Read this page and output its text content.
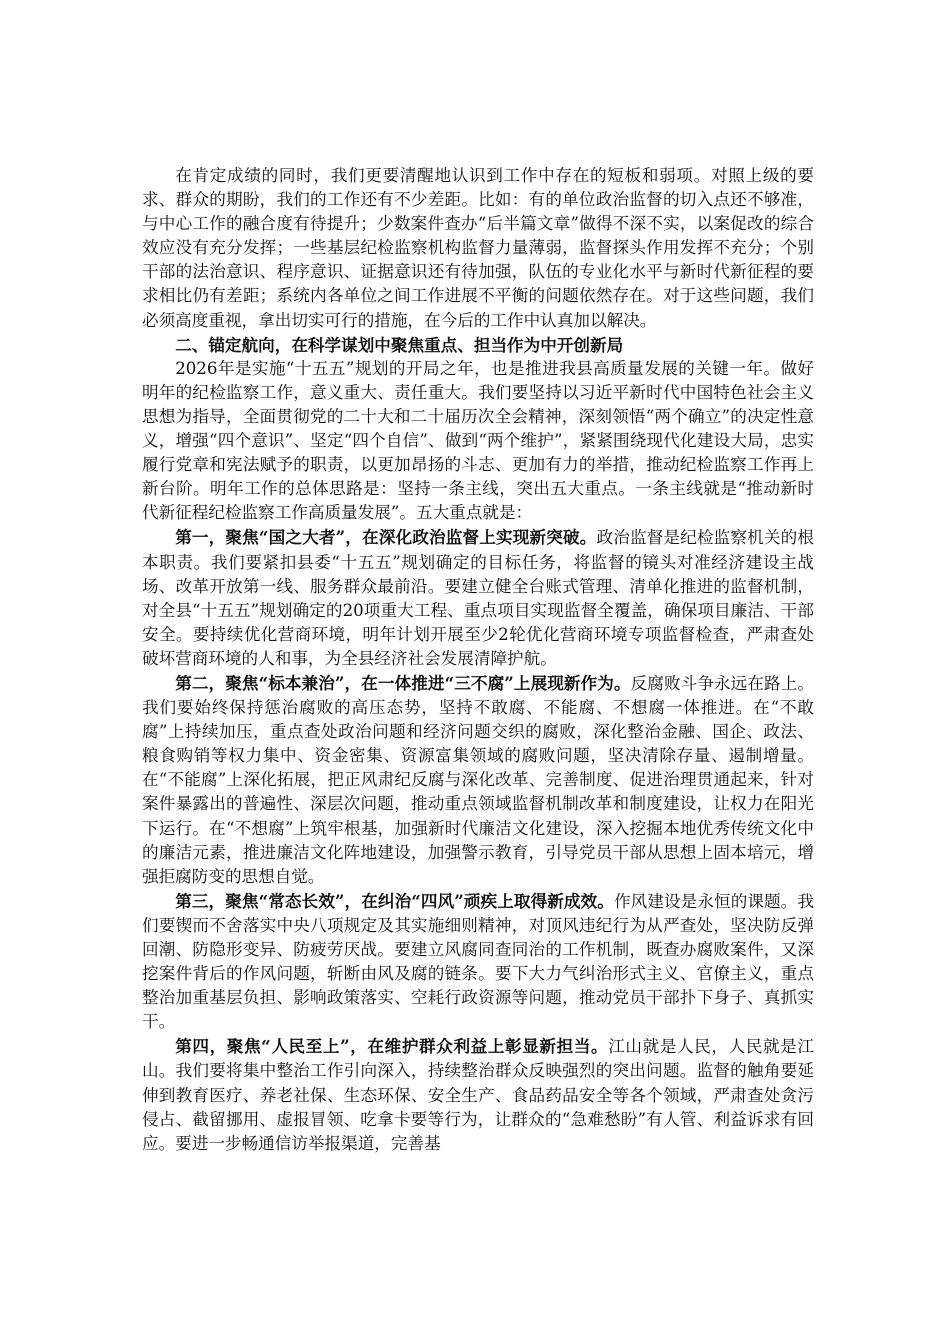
在肯定成绩的同时，我们更要清醒地认识到工作中存在的短板和弱项。对照上级的要求、群众的期盼，我们的工作还有不少差距。比如：有的单位政治监督的切入点还不够准，与中心工作的融合度有待提升；少数案件查办“后半篇文章”做得不深不实，以案促改的综合效应没有充分发挥；一些基层纪检监察机构监督力量薄弱，监督探头作用发挥不充分；个别干部的法治意识、程序意识、证据意识还有待加强，队伍的专业化水平与新时代新征程的要求相比仍有差距；系统内各单位之间工作进展不平衡的问题依然存在。对于这些问题，我们必须高度重视，拿出切实可行的措施，在今后的工作中认真加以解决。

二、锚定航向，在科学谋划中聚焦重点、担当作为中开创新局

2026年是实施“十五五”规划的开局之年，也是推进我县高质量发展的关键一年。做好明年的纪检监察工作，意义重大、责任重大。我们要坚持以习近平新时代中国特色社会主义思想为指导，全面贯彻党的二十大和二十届历次全会精神，深刻领悟“两个确立”的决定性意义，增强“四个意识”、坚定“四个自信”、做到“两个维护”，紧紧围绕现代化建设大局，忠实履行党章和宪法赋予的职责，以更加昂扬的斗志、更加有力的举措，推动纪检监察工作再上新台阶。明年工作的总体思路是：坚持一条主线，突出五大重点。一条主线就是“推动新时代新征程纪检监察工作高质量发展”。五大重点就是：

第一，聚焦“国之大者”，在深化政治监督上实现新突破。政治监督是纪检监察机关的根本职责。我们要紧扣县委“十五五”规划确定的目标任务，将监督的镜头对准经济建设主战场、改革开放第一线、服务群众最前沿。要建立健全台账式管理、清单化推进的监督机制，对全县“十五五”规划确定的20项重大工程、重点项目实现监督全覆盖，确保项目廉洁、干部安全。要持续优化营商环境，明年计划开展至少2轮优化营商环境专项监督检查，严肃查处破坏营商环境的人和事，为全县经济社会发展清障护航。

第二，聚焦“标本兼治”，在一体推进“三不腐”上展现新作为。反腐败斗争永远在路上。我们要始终保持惩治腐败的高压态势，坚持不敢腐、不能腐、不想腐一体推进。在“不敢腐”上持续加压，重点查处政治问题和经济问题交织的腐败，深化整治金融、国企、政法、粮食购销等权力集中、资金密集、资源富集领域的腐败问题，坚决清除存量、遏制增量。在“不能腐”上深化拓展，把正风肃纪反腐与深化改革、完善制度、促进治理贯通起来，针对案件暴露出的普遍性、深层次问题，推动重点领域监督机制改革和制度建设，让权力在阳光下运行。在“不想腐”上筑牢根基，加强新时代廉洁文化建设，深入挖掘本地优秀传统文化中的廉洁元素，推进廉洁文化阵地建设，加强警示教育，引导党员干部从思想上固本培元，增强拒腐防变的思想自觉。

第三，聚焦“常态长效”，在纠治“四风”顽疾上取得新成效。作风建设是永恒的课题。我们要锲而不舍落实中央八项规定及其实施细则精神，对顶风违纪行为从严查处，坚决防反弹回潮、防隐形变异、防疲劳厌战。要建立风腐同查同治的工作机制，既查办腐败案件，又深挖案件背后的作风问题，斩断由风及腐的链条。要下大力气纠治形式主义、官僚主义，重点整治加重基层负担、影响政策落实、空耗行政资源等问题，推动党员干部扑下身子、真抓实干。

第四，聚焦“人民至上”，在维护群众利益上彰显新担当。江山就是人民，人民就是江山。我们要将集中整治工作引向深入，持续整治群众反映强烈的突出问题。监督的触角要延伸到教育医疗、养老社保、生态环保、安全生产、食品药品安全等各个领域，严肃查处贪污侵占、截留挪用、虚报冒领、吃拿卡要等行为，让群众的“急难愁盼”有人管、利益诉求有回应。要进一步畅通信访举报渠道，完善基
